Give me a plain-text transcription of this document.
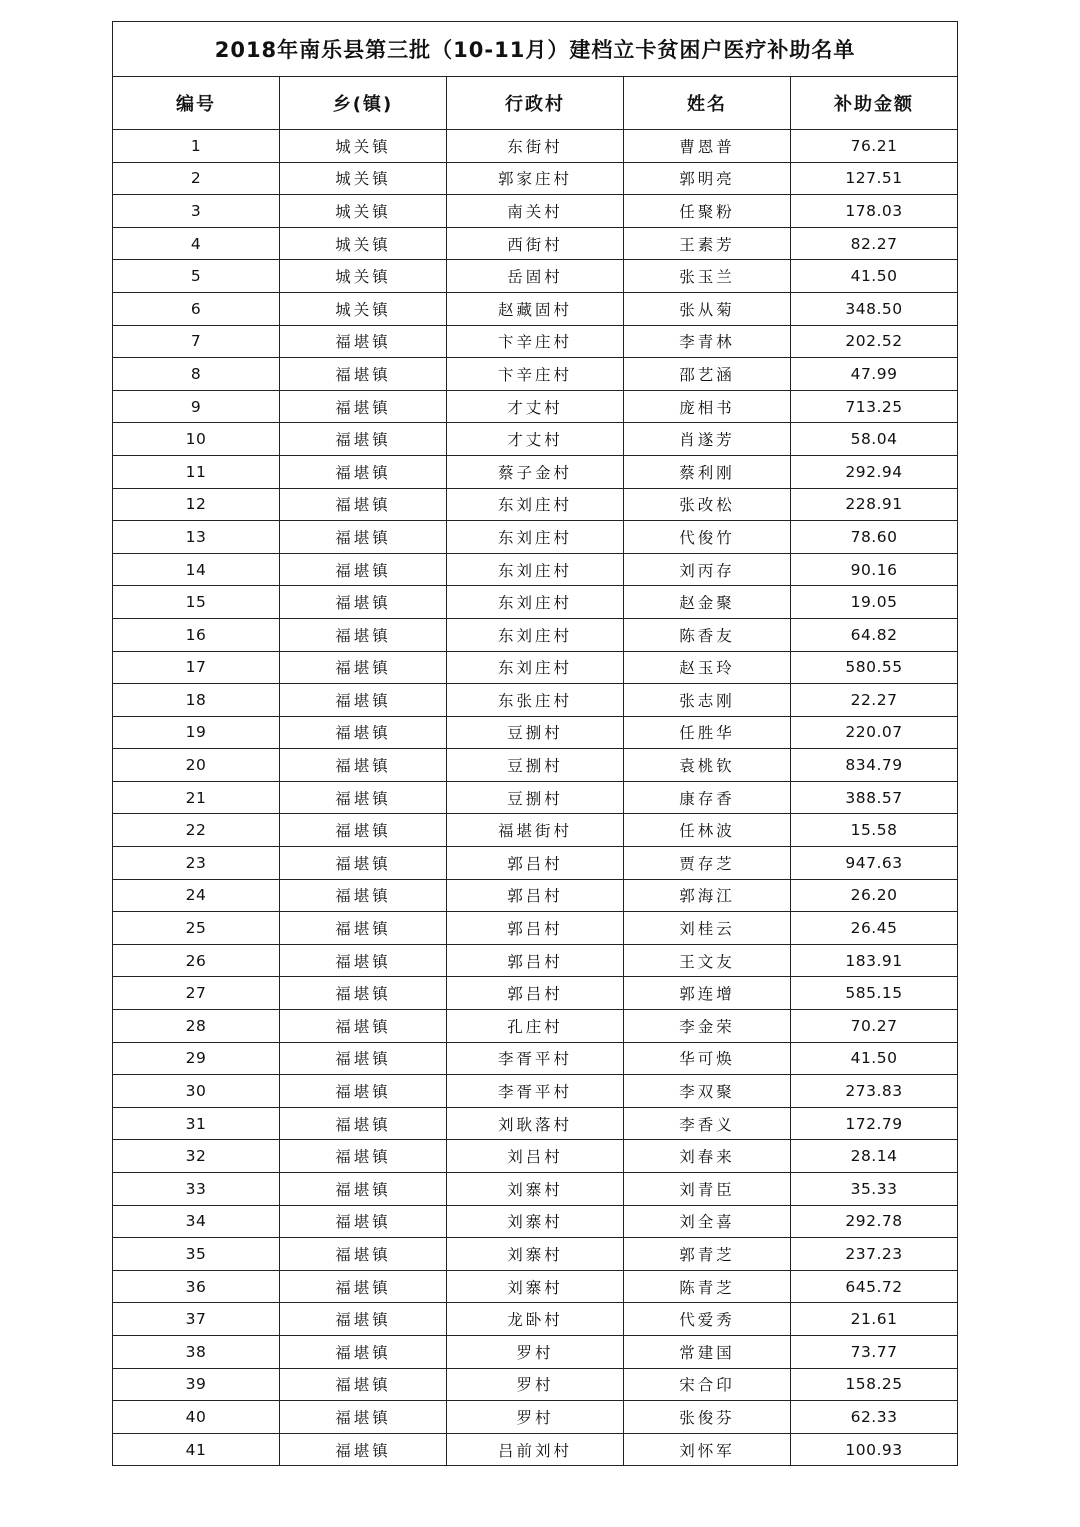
2018年南乐县第三批（10-11月）建档立卡贫困户医疗补助名单				
编号	乡(镇)	行政村	姓名	补助金额
1	城关镇	东街村	曹恩普	76.21
2	城关镇	郭家庄村	郭明亮	127.51
3	城关镇	南关村	任聚粉	178.03
4	城关镇	西街村	王素芳	82.27
5	城关镇	岳固村	张玉兰	41.50
6	城关镇	赵藏固村	张从菊	348.50
7	福堪镇	卞辛庄村	李青林	202.52
8	福堪镇	卞辛庄村	邵艺涵	47.99
9	福堪镇	才丈村	庞相书	713.25
10	福堪镇	才丈村	肖遂芳	58.04
11	福堪镇	蔡子金村	蔡利刚	292.94
12	福堪镇	东刘庄村	张改松	228.91
13	福堪镇	东刘庄村	代俊竹	78.60
14	福堪镇	东刘庄村	刘丙存	90.16
15	福堪镇	东刘庄村	赵金聚	19.05
16	福堪镇	东刘庄村	陈香友	64.82
17	福堪镇	东刘庄村	赵玉玲	580.55
18	福堪镇	东张庄村	张志刚	22.27
19	福堪镇	豆捌村	任胜华	220.07
20	福堪镇	豆捌村	袁桃钦	834.79
21	福堪镇	豆捌村	康存香	388.57
22	福堪镇	福堪街村	任林波	15.58
23	福堪镇	郭吕村	贾存芝	947.63
24	福堪镇	郭吕村	郭海江	26.20
25	福堪镇	郭吕村	刘桂云	26.45
26	福堪镇	郭吕村	王文友	183.91
27	福堪镇	郭吕村	郭连增	585.15
28	福堪镇	孔庄村	李金荣	70.27
29	福堪镇	李胥平村	华可焕	41.50
30	福堪镇	李胥平村	李双聚	273.83
31	福堪镇	刘耿落村	李香义	172.79
32	福堪镇	刘吕村	刘春来	28.14
33	福堪镇	刘寨村	刘青臣	35.33
34	福堪镇	刘寨村	刘全喜	292.78
35	福堪镇	刘寨村	郭青芝	237.23
36	福堪镇	刘寨村	陈青芝	645.72
37	福堪镇	龙卧村	代爱秀	21.61
38	福堪镇	罗村	常建国	73.77
39	福堪镇	罗村	宋合印	158.25
40	福堪镇	罗村	张俊芬	62.33
41	福堪镇	吕前刘村	刘怀军	100.93
